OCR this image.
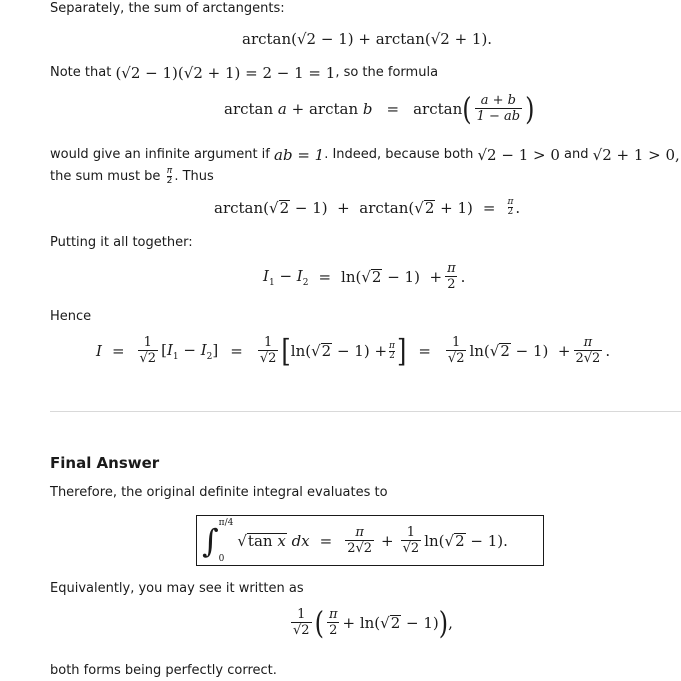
Separately, the sum of arctangents:
arctan(√2 − 1) + arctan(√2 + 1).
Note that
(√2 − 1)(√2 + 1) = 2 − 1 = 1 , so the formula
arctan a + arctan b = arctan ( $\frac{a + b}{1 - ab}$ )
would give an infinite argument if
ab = 1 . Indeed, because both
√2 − 1 > 0
and
√2 + 1 > 0,
the sum must be
π
2 . Thus
$\arctan(√2 - 1) + \arctan(√2 + 1) = \frac{\pi}{2}$ .
Putting it all together:
$I_1 - I_2 = \ln(√2 - 1) + \frac{\pi}{2}$ .
Hence
$I = \frac{1}{√2} [I_1 - I_2] = \frac{1}{√2}$ [ $\ln(√2 - 1) + \frac{\pi}{2}$ ] = $\frac{1}{√2} \ln(√2 - 1) + \frac{\pi}{2√2}$ .
Final Answer
Therefore, the original definite integral evaluates to
∫ π/4
0
√tan x dx = $\frac{\pi}{2√2} + \frac{1}{√2} \ln(√2 - 1)$.
Equivalently, you may see it written as
$\frac{1}{√2}$ ( $\frac{\pi}{2} + \ln(√2 - 1)$ ) ,
both forms being perfectly correct.
